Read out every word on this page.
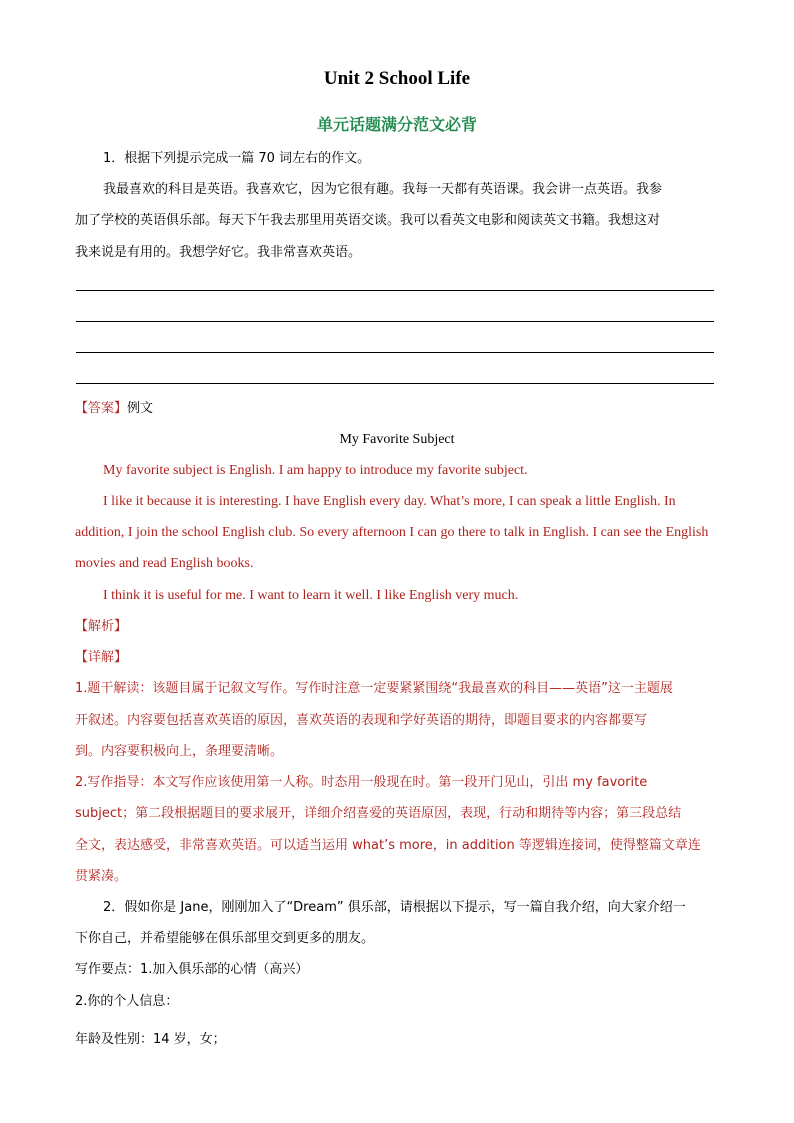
Unit 2 School Life
单元话题满分范文必背
1．根据下列提示完成一篇 70 词左右的作文。
我最喜欢的科目是英语。我喜欢它，因为它很有趣。我每一天都有英语课。我会讲一点英语。我参
加了学校的英语俱乐部。每天下午我去那里用英语交谈。我可以看英文电影和阅读英文书籍。我想这对
我来说是有用的。我想学好它。我非常喜欢英语。
【答案】例文
My Favorite Subject
My favorite subject is English. I am happy to introduce my favorite subject.
I like it because it is interesting. I have English every day. What’s more, I can speak a little English. In
addition, I join the school English club. So every afternoon I can go there to talk in English. I can see the English
movies and read English books.
I think it is useful for me. I want to learn it well. I like English very much.
【解析】
【详解】
1.题干解读：该题目属于记叙文写作。写作时注意一定要紧紧围绕“我最喜欢的科目——英语”这一主题展
开叙述。内容要包括喜欢英语的原因，喜欢英语的表现和学好英语的期待，即题目要求的内容都要写
到。内容要积极向上，条理要清晰。
2.写作指导：本文写作应该使用第一人称。时态用一般现在时。第一段开门见山，引出 my favorite
subject；第二段根据题目的要求展开，详细介绍喜爱的英语原因，表现，行动和期待等内容；第三段总结
全文，表达感受，非常喜欢英语。可以适当运用 what’s more，in addition 等逻辑连接词，使得整篇文章连
贯紧凑。
2．假如你是 Jane，刚刚加入了“Dream” 俱乐部，请根据以下提示，写一篇自我介绍，向大家介绍一
下你自己，并希望能够在俱乐部里交到更多的朋友。
写作要点：1.加入俱乐部的心情（高兴）
2.你的个人信息：
年龄及性别：14 岁，女；
